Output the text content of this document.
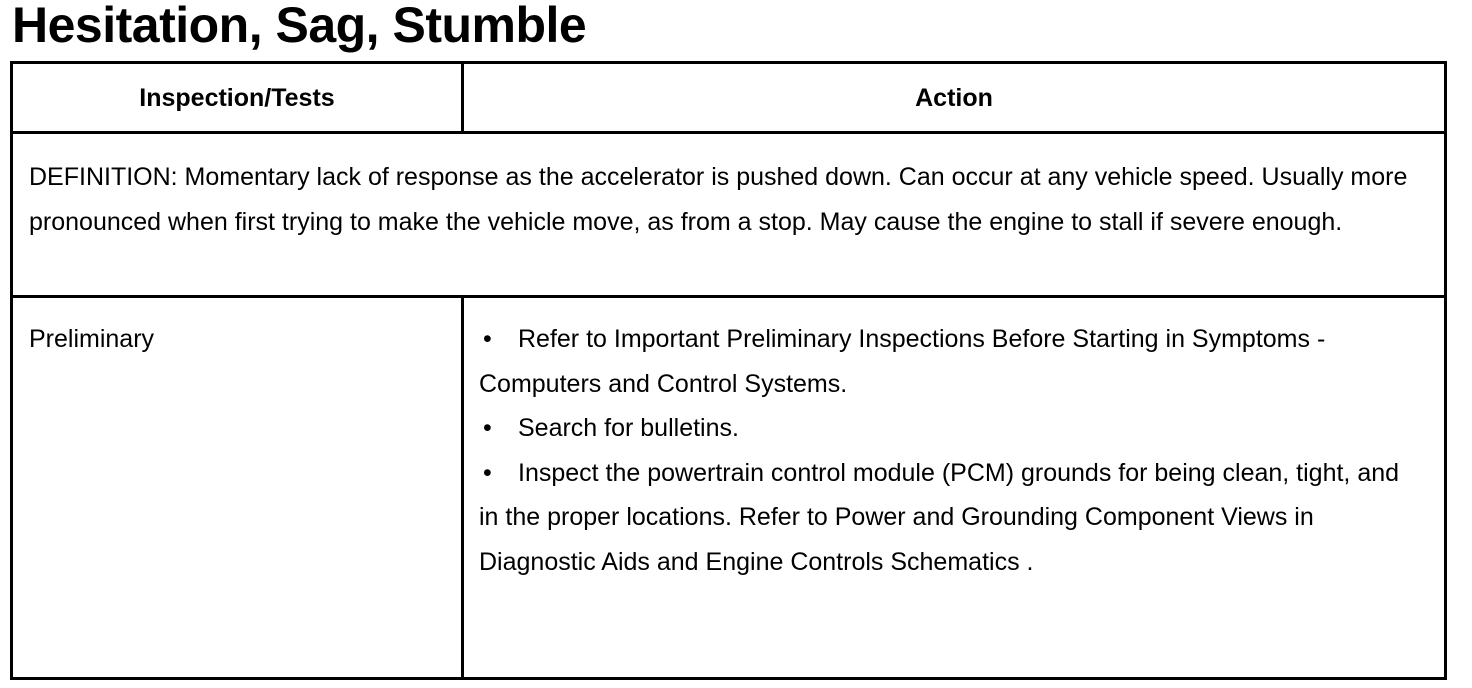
Hesitation, Sag, Stumble
Inspection/Tests	Action

DEFINITION: Momentary lack of response as the accelerator is pushed down. Can occur at any vehicle speed. Usually more pronounced when first trying to make the vehicle move, as from a stop. May cause the engine to stall if severe enough.

Preliminary	• Refer to Important Preliminary Inspections Before Starting in Symptoms - Computers and Control Systems.
• Search for bulletins.
• Inspect the powertrain control module (PCM) grounds for being clean, tight, and in the proper locations. Refer to Power and Grounding Component Views in Diagnostic Aids and Engine Controls Schematics .
